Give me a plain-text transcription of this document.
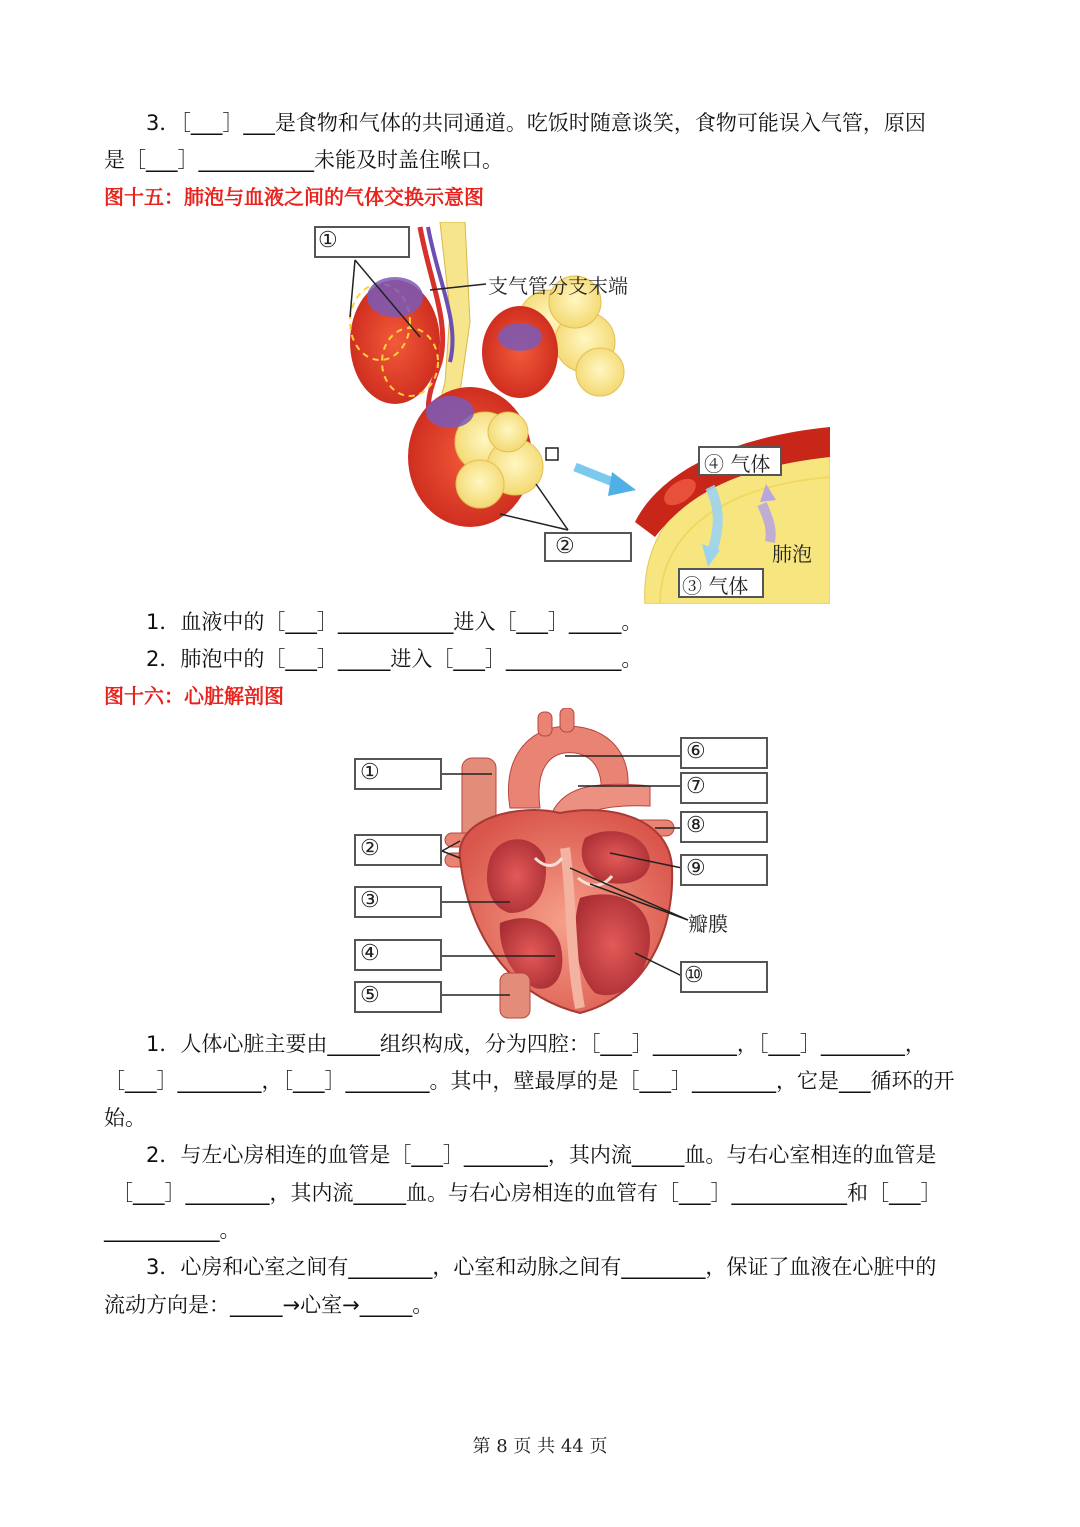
3．［___］___是食物和气体的共同通道。吃饭时随意谈笑，食物可能误入气管，原因
是［___］___________未能及时盖住喉口。
图十五：肺泡与血液之间的气体交换示意图
①
支气管分支末端
②
④ 气体
肺泡
③ 气体
1．血液中的［___］___________进入［___］_____。
2．肺泡中的［___］_____进入［___］___________。
图十六：心脏解剖图
①
②
③
④
⑤
⑥
⑦
⑧
⑨
瓣膜
⑩
1．人体心脏主要由_____组织构成，分为四腔：［___］________，［___］________，
［___］________，［___］________。其中，壁最厚的是［___］________，它是___循环的开
始。
2．与左心房相连的血管是［___］________，其内流_____血。与右心室相连的血管是
［___］________，其内流_____血。与右心房相连的血管有［___］___________和［___］
___________。
3．心房和心室之间有________，心室和动脉之间有________，保证了血液在心脏中的
流动方向是：_____→心室→_____。
第 8 页 共 44 页
